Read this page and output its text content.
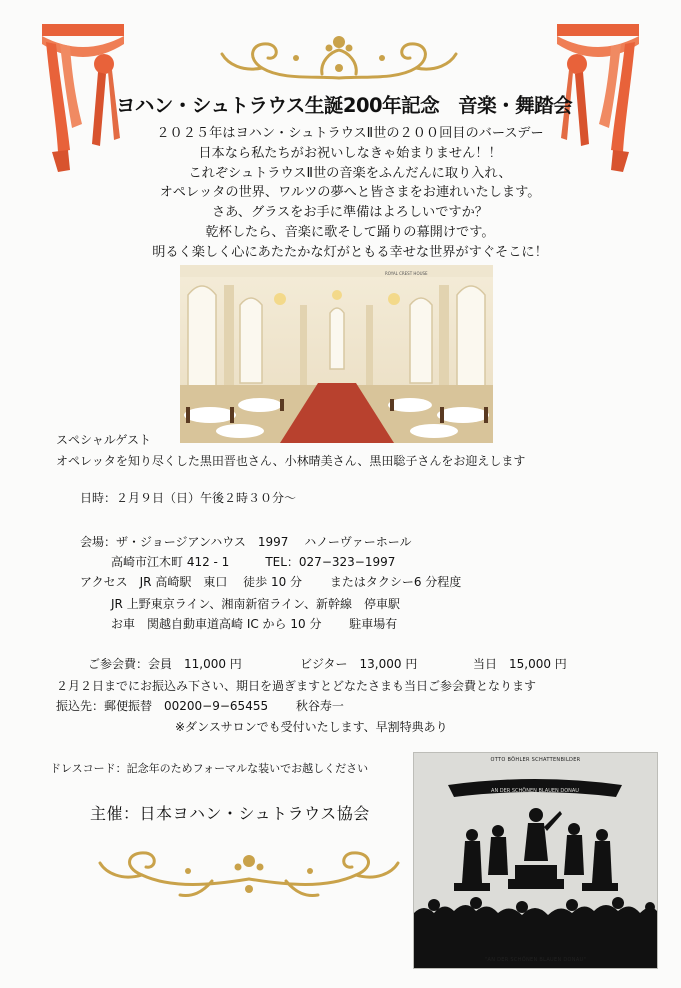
ヨハン・シュトラウス生誕200年記念　音楽・舞踏会
２０２５年はヨハン・シュトラウスⅡ世の２００回目のバースデー
日本なら私たちがお祝いしなきゃ始まりません！！
これぞシュトラウスⅡ世の音楽をふんだんに取り入れ、
オペレッタの世界、ワルツの夢へと皆さまをお連れいたします。
さあ、グラスをお手に準備はよろしいですか？
乾杯したら、音楽に歌そして踊りの幕開けです。
明るく楽しく心にあたたかな灯がともる幸せな世界がすぐそこに！
ROYAL CREST HOUSE
スペシャルゲスト
オペレッタを知り尽くした黒田晋也さん、小林晴美さん、黒田聡子さんをお迎えします
日時：２月９日（日）午後２時３０分〜
会場：ザ・ジョージアンハウス　1997　 ハノーヴァーホール
高崎市江木町 412 - 1　　　TEL：027−323−1997
アクセス　JR 高崎駅　東口　 徒歩 10 分　　 またはタクシー6 分程度
JR 上野東京ライン、湘南新宿ライン、新幹線　停車駅
お車　関越自動車道高崎 IC から 10 分　　 駐車場有
ご参会費：会員　11,000 円	ビジター　13,000 円	当日　15,000 円
２月２日までにお振込み下さい、期日を過ぎますとどなたさまも当日ご参会費となります
振込先：郵便振替　00200−9−65455　　 秋谷寿一
※ダンスサロンでも受付いたします、早割特典あり
ドレスコード：記念年のためフォーマルな装いでお越しください
主催：日本ヨハン・シュトラウス協会
OTTO BÖHLER SCHATTENBILDER
AN DER SCHÖNEN BLAUEN DONAU
"AN DER SCHÖNEN BLAUEN DONAU"
